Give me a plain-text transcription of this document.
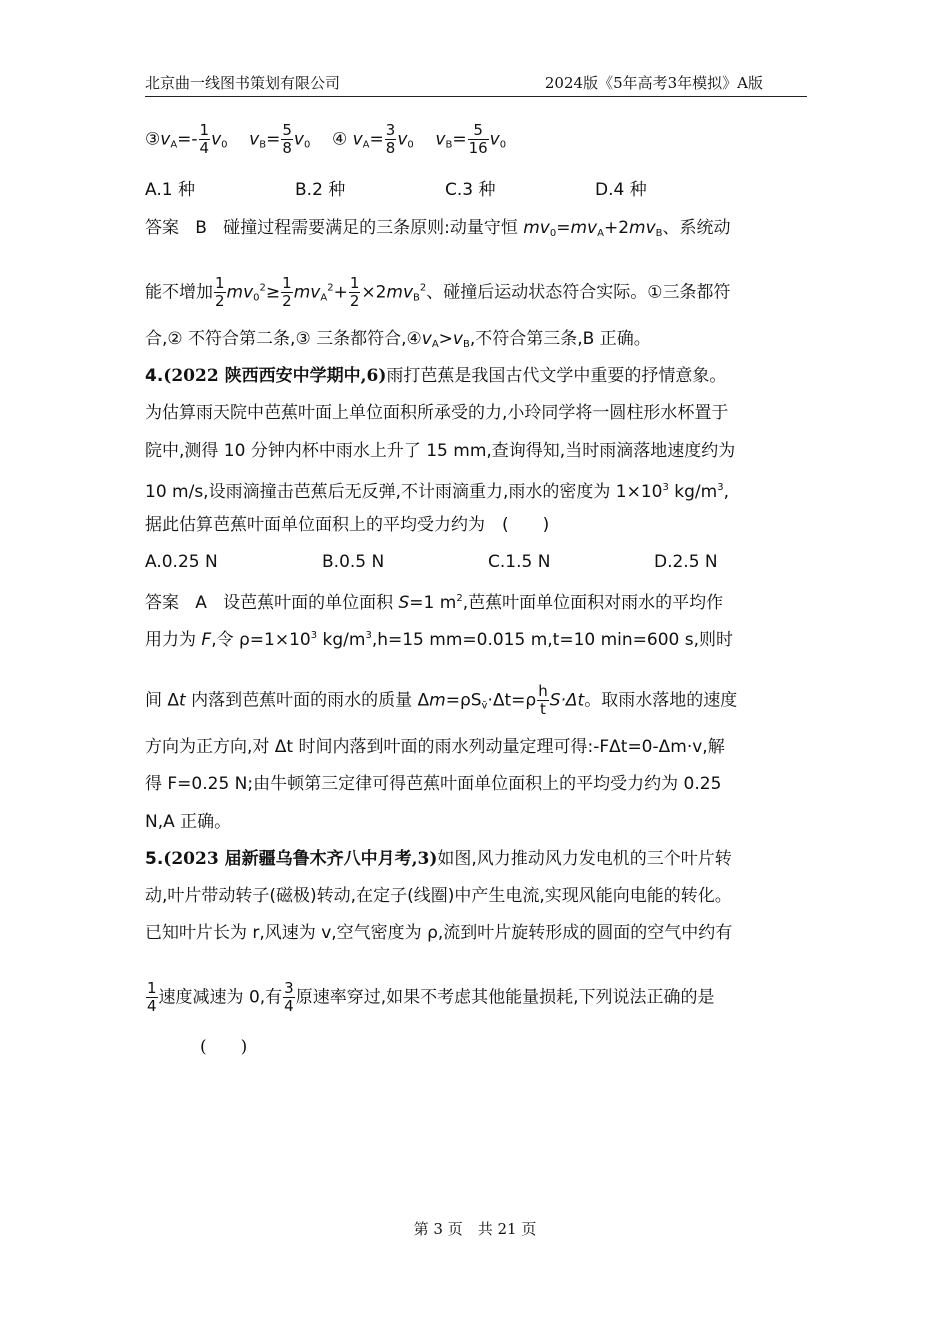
北京曲一线图书策划有限公司	2024版《5年高考3年模拟》A版
$③v_A=- \frac{1}{4} v_0$ $v_B= \frac{5}{8} v_0$ ④ $v_A= \frac{3}{8} v_0$ $v_B= \frac{5}{16} v_0$
A.1 种	B.2 种	C.3 种	D.4 种
答案 B 碰撞过程需要满足的三条原则:动量守恒 $mv_0=mv_A+2mv_B$、系统动
能不增加 $\frac{1}{2} mv_0^2\ge \frac{1}{2} mv_A^2+ \frac{1}{2} \times 2mv_B^2$、碰撞后运动状态符合实际。①三条都符
合,② 不符合第二条,③ 三条都符合$,④v_A>v_B$,不符合第三条,B 正确。
4.(2022 陕西西安中学期中,6)雨打芭蕉是我国古代文学中重要的抒情意象。
为估算雨天院中芭蕉叶面上单位面积所承受的力,小玲同学将一圆柱形水杯置于
院中,测得 10 分钟内杯中雨水上升了 15 mm,查询得知,当时雨滴落地速度约为
10 m/s,设雨滴撞击芭蕉后无反弹,不计雨滴重力,雨水的密度为 $1\times 10^3$ $kg/m^3$,
据此估算芭蕉叶面单位面积上的平均受力约为　(　　)
A.0.25 N	B.0.5 N	C.1.5 N	D.2.5 N
答案 A 设芭蕉叶面的单位面积 S=1 $m^2$,芭蕉叶面单位面积对雨水的平均作
用力为 F,令 $\rho=1\times 10^3$ $kg/m^3,h=15$ mm=0.015 m,t=10 min=600 s,则时
间 Δt 内落到芭蕉叶面的雨水的质量 $\Delta m=\rho S_{v̄}\cdot\Delta t=\rho \frac{h}{t} S\cdot\Delta t$。取雨水落地的速度
方向为正方向,对 Δt 时间内落到叶面的雨水列动量定理可得:-FΔt=0-Δm·v,解
得 F=0.25 N;由牛顿第三定律可得芭蕉叶面单位面积上的平均受力约为 0.25
N,A 正确。
5.(2023 届新疆乌鲁木齐八中月考,3)如图,风力推动风力发电机的三个叶片转
动,叶片带动转子(磁极)转动,在定子(线圈)中产生电流,实现风能向电能的转化。
已知叶片长为 r,风速为 v,空气密度为 ρ,流到叶片旋转形成的圆面的空气中约有
$\frac{1}{4}$ 速度减速为 0,有 $\frac{3}{4}$ 原速率穿过,如果不考虑其他能量损耗,下列说法正确的是
(　　)
第 3 页　共 21 页
